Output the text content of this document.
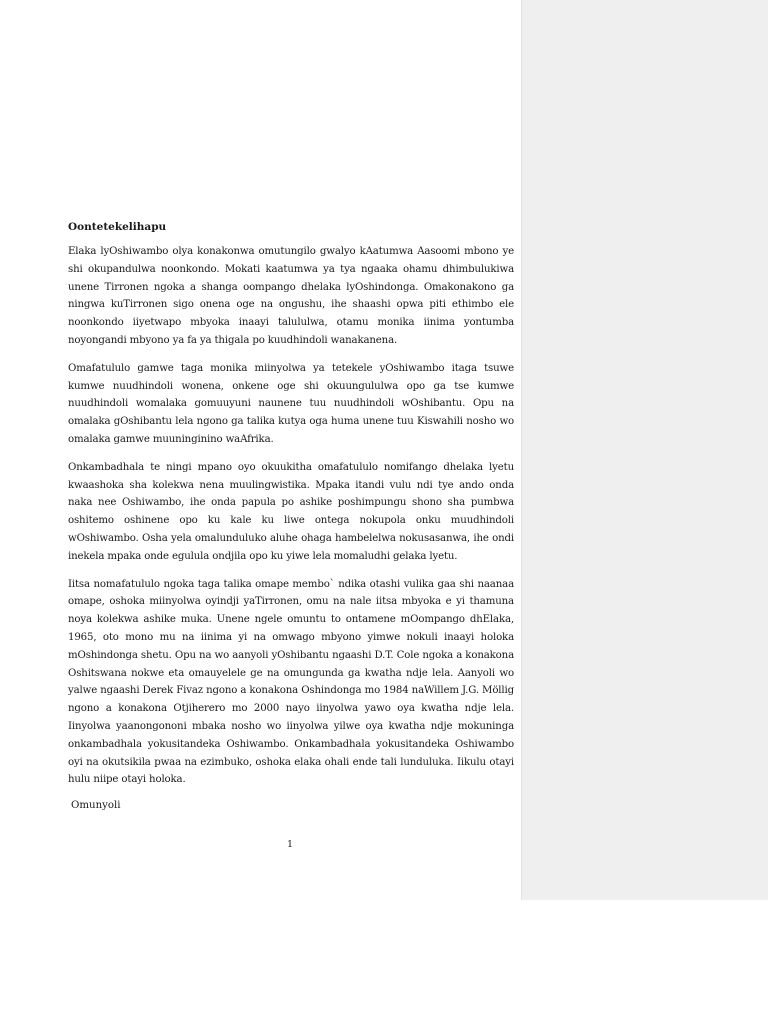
Oontetekelihapu

Elaka lyOshiwambo olya konakonwa omutungilo gwalyo kAatumwa Aasoomi mbono ye shi okupandulwa noonkondo. Mokati kaatumwa ya tya ngaaka ohamu dhimbulukiwa unene Tirronen ngoka a shanga oompango dhelaka lyOshindonga. Omakonakono ga ningwa kuTirronen sigo onena oge na ongushu, ihe shaashi opwa piti ethimbo ele noonkondo iiyetwapo mbyoka inaayi talululwa, otamu monika iinima yontumba noyongandi mbyono ya fa ya thigala po kuudhindoli wanakanena.

Omafatululo gamwe taga monika miinyolwa ya tetekele yOshiwambo itaga tsuwe kumwe nuudhindoli wonena, onkene oge shi okuungululwa opo ga tse kumwe nuudhindoli womalaka gomuuyuni naunene tuu nuudhindoli wOshibantu. Opu na omalaka gOshibantu lela ngono ga talika kutya oga huma unene tuu Kiswahili nosho wo omalaka gamwe muuninginino waAfrika.

Onkambadhala te ningi mpano oyo okuukitha omafatululo nomifango dhelaka lyetu kwaashoka sha kolekwa nena muulingwistika. Mpaka itandi vulu ndi tye ando onda naka nee Oshiwambo, ihe onda papula po ashike poshimpungu shono sha pumbwa oshitemo oshinene opo ku kale ku liwe ontega nokupola onku muudhindoli wOshiwambo. Osha yela omalunduluko aluhe ohaga hambelelwa nokusasanwa, ihe ondi inekela mpaka onde egulula ondjila opo ku yiwe lela momaludhi gelaka lyetu.

Iitsa nomafatululo ngoka taga talika omape membo` ndika otashi vulika gaa shi naanaa omape, oshoka miinyolwa oyindji yaTirronen, omu na nale iitsa mbyoka e yi thamuna noya kolekwa ashike muka. Unene ngele omuntu to ontamene mOompango dhElaka, 1965, oto mono mu na iinima yi na omwago mbyono yimwe nokuli inaayi holoka mOshindonga shetu. Opu na wo aanyoli yOshibantu ngaashi D.T. Cole ngoka a konakona Oshitswana nokwe eta omauyelele ge na omungunda ga kwatha ndje lela. Aanyoli wo yalwe ngaashi Derek Fivaz ngono a konakona Oshindonga mo 1984 naWillem J.G. Möllig ngono a konakona Otjiherero mo 2000 nayo iinyolwa yawo oya kwatha ndje lela. Iinyolwa yaanongononi mbaka nosho wo iinyolwa yilwe oya kwatha ndje mokuninga onkambadhala yokusitandeka Oshiwambo. Onkambadhala yokusitandeka Oshiwambo oyi na okutsikila pwaa na ezimbuko, oshoka elaka ohali ende tali lunduluka. Iikulu otayi hulu niipe otayi holoka.

Omunyoli
1
